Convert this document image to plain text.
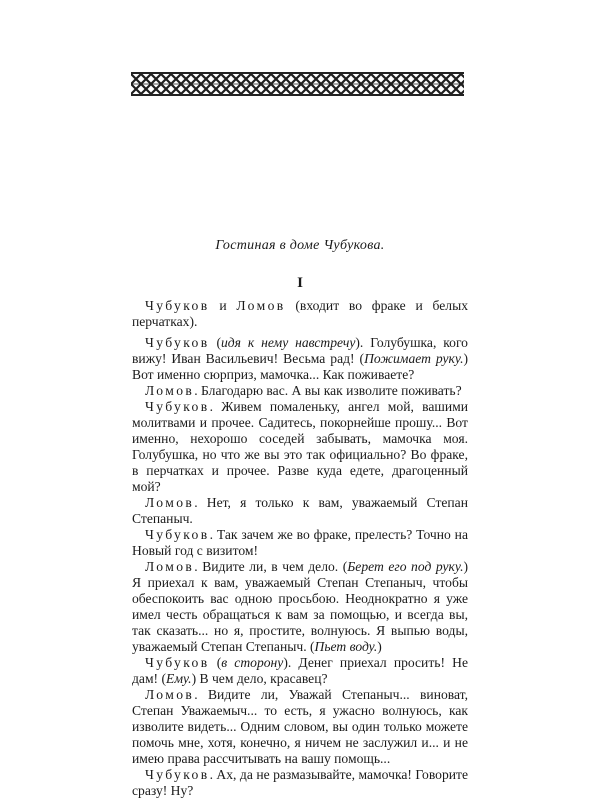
Гостиная в доме Чубукова.
I

Чубуков и Ломов (входит во фраке и белых перчатках).

Чубуков (идя к нему навстречу). Голубушка, кого вижу! Иван Васильевич! Весьма рад! (Пожимает руку.) Вот именно сюрприз, мамочка... Как поживаете?

Ломов. Благодарю вас. А вы как изволите поживать?

Чубуков. Живем помаленьку, ангел мой, вашими молитвами и прочее. Садитесь, покорнейше прошу... Вот именно, нехорошо соседей забывать, мамочка моя. Голубушка, но что же вы это так официально? Во фраке, в перчатках и прочее. Разве куда едете, драгоценный мой?

Ломов. Нет, я только к вам, уважаемый Степан Степаныч.

Чубуков. Так зачем же во фраке, прелесть? Точно на Новый год с визитом!

Ломов. Видите ли, в чем дело. (Берет его под руку.) Я приехал к вам, уважаемый Степан Степаныч, чтобы обеспокоить вас одною просьбою. Неоднократно я уже имел честь обращаться к вам за помощью, и всегда вы, так сказать... но я, простите, волнуюсь. Я выпью воды, уважаемый Степан Степаныч. (Пьет воду.)

Чубуков (в сторону). Денег приехал просить! Не дам! (Ему.) В чем дело, красавец?

Ломов. Видите ли, Уважай Степаныч... виноват, Степан Уважаемыч... то есть, я ужасно волнуюсь, как изволите видеть... Одним словом, вы один только можете помочь мне, хотя, конечно, я ничем не заслужил и... и не имею права рассчитывать на вашу помощь...

Чубуков. Ах, да не размазывайте, мамочка! Говорите сразу! Ну?
